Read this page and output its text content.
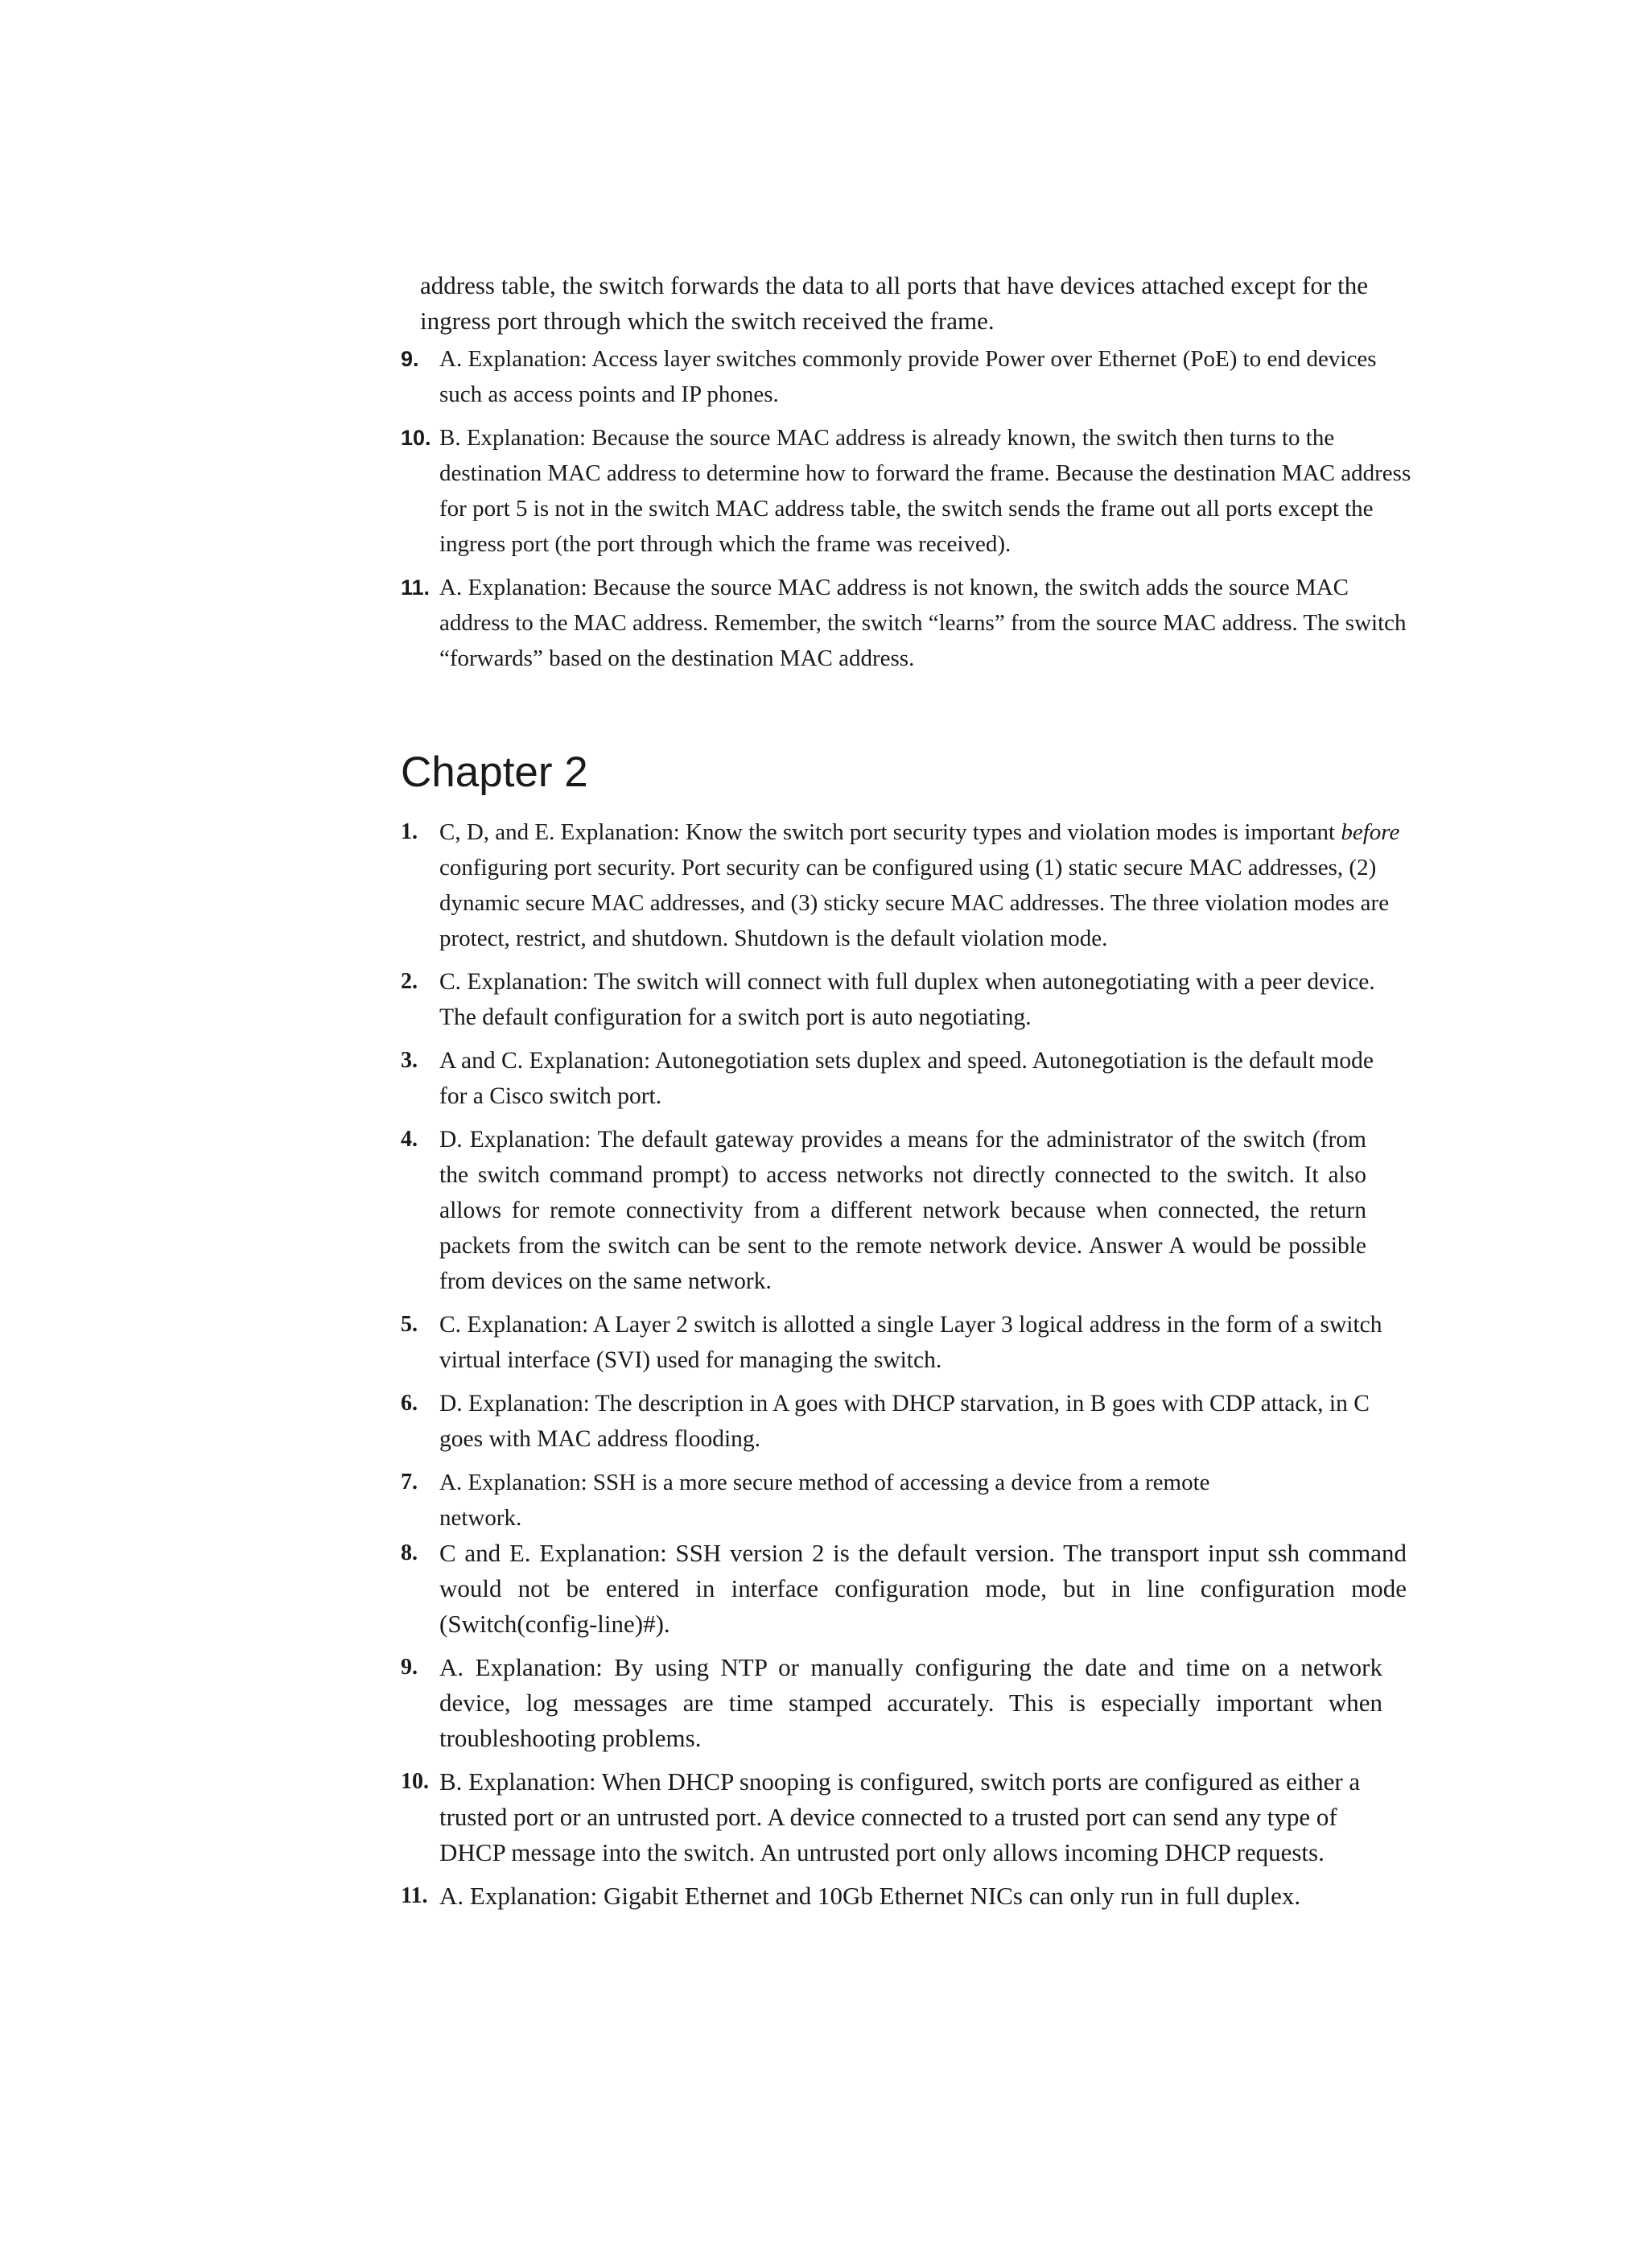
address table, the switch forwards the data to all ports that have devices attached except for the ingress port through which the switch received the frame.

9. A. Explanation: Access layer switches commonly provide Power over Ethernet (PoE) to end devices such as access points and IP phones.
10. B. Explanation: Because the source MAC address is already known, the switch then turns to the destination MAC address to determine how to forward the frame. Because the destination MAC address for port 5 is not in the switch MAC address table, the switch sends the frame out all ports except the ingress port (the port through which the frame was received).
11. A. Explanation: Because the source MAC address is not known, the switch adds the source MAC address to the MAC address. Remember, the switch “learns” from the source MAC address. The switch “forwards” based on the destination MAC address.
Chapter 2
1. C, D, and E. Explanation: Know the switch port security types and violation modes is important before configuring port security. Port security can be configured using (1) static secure MAC addresses, (2) dynamic secure MAC addresses, and (3) sticky secure MAC addresses. The three violation modes are protect, restrict, and shutdown. Shutdown is the default violation mode.
2. C. Explanation: The switch will connect with full duplex when autonegotiating with a peer device. The default configuration for a switch port is auto negotiating.
3. A and C. Explanation: Autonegotiation sets duplex and speed. Autonegotiation is the default mode for a Cisco switch port.
4. D. Explanation: The default gateway provides a means for the administrator of the switch (from the switch command prompt) to access networks not directly connected to the switch. It also allows for remote connectivity from a different network because when connected, the return packets from the switch can be sent to the remote network device. Answer A would be possible from devices on the same network.
5. C. Explanation: A Layer 2 switch is allotted a single Layer 3 logical address in the form of a switch virtual interface (SVI) used for managing the switch.
6. D. Explanation: The description in A goes with DHCP starvation, in B goes with CDP attack, in C goes with MAC address flooding.
7. A. Explanation: SSH is a more secure method of accessing a device from a remote network.
8. C and E. Explanation: SSH version 2 is the default version. The transport input ssh command would not be entered in interface configuration mode, but in line configuration mode (Switch(config-line)#).
9. A. Explanation: By using NTP or manually configuring the date and time on a network device, log messages are time stamped accurately. This is especially important when troubleshooting problems.
10. B. Explanation: When DHCP snooping is configured, switch ports are configured as either a trusted port or an untrusted port. A device connected to a trusted port can send any type of DHCP message into the switch. An untrusted port only allows incoming DHCP requests.
11. A. Explanation: Gigabit Ethernet and 10Gb Ethernet NICs can only run in full duplex.
